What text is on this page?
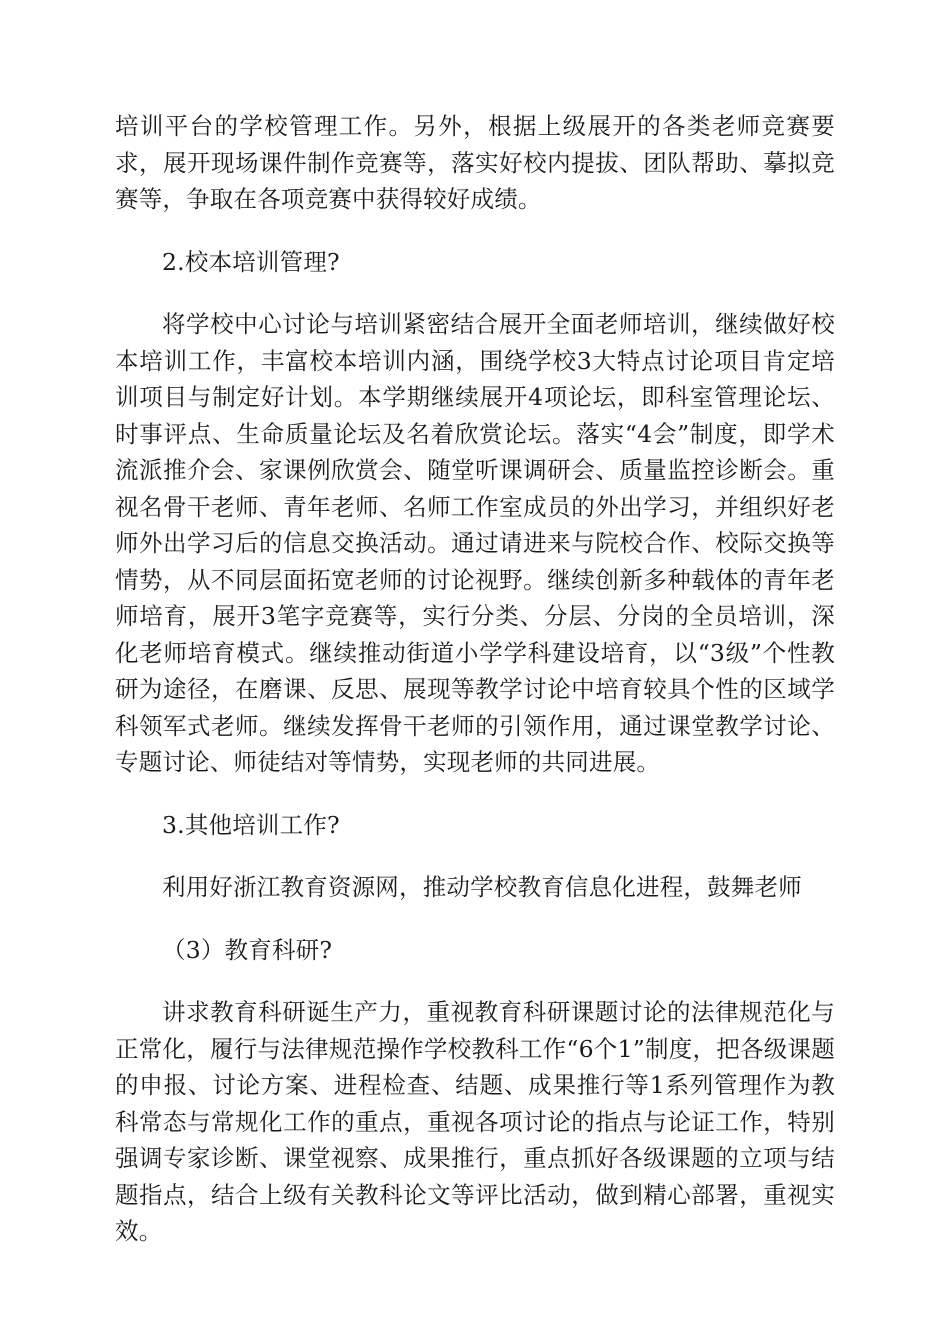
培训平台的学校管理工作。另外，根据上级展开的各类老师竞赛要求，展开现场课件制作竞赛等，落实好校内提拔、团队帮助、摹拟竞赛等，争取在各项竞赛中获得较好成绩。

2.校本培训管理?

将学校中心讨论与培训紧密结合展开全面老师培训，继续做好校本培训工作，丰富校本培训内涵，围绕学校3大特点讨论项目肯定培训项目与制定好计划。本学期继续展开4项论坛，即科室管理论坛、时事评点、生命质量论坛及名着欣赏论坛。落实“4会”制度，即学术流派推介会、家课例欣赏会、随堂听课调研会、质量监控诊断会。重视名骨干老师、青年老师、名师工作室成员的外出学习，并组织好老师外出学习后的信息交换活动。通过请进来与院校合作、校际交换等情势，从不同层面拓宽老师的讨论视野。继续创新多种载体的青年老师培育，展开3笔字竞赛等，实行分类、分层、分岗的全员培训，深化老师培育模式。继续推动街道小学学科建设培育，以“3级”个性教研为途径，在磨课、反思、展现等教学讨论中培育较具个性的区域学科领军式老师。继续发挥骨干老师的引领作用，通过课堂教学讨论、专题讨论、师徒结对等情势，实现老师的共同进展。

3.其他培训工作?

利用好浙江教育资源网，推动学校教育信息化进程，鼓舞老师

（3）教育科研?

讲求教育科研诞生产力，重视教育科研课题讨论的法律规范化与正常化，履行与法律规范操作学校教科工作“6个1”制度，把各级课题的申报、讨论方案、进程检查、结题、成果推行等1系列管理作为教科常态与常规化工作的重点，重视各项讨论的指点与论证工作，特别强调专家诊断、课堂视察、成果推行，重点抓好各级课题的立项与结题指点，结合上级有关教科论文等评比活动，做到精心部署，重视实效。
